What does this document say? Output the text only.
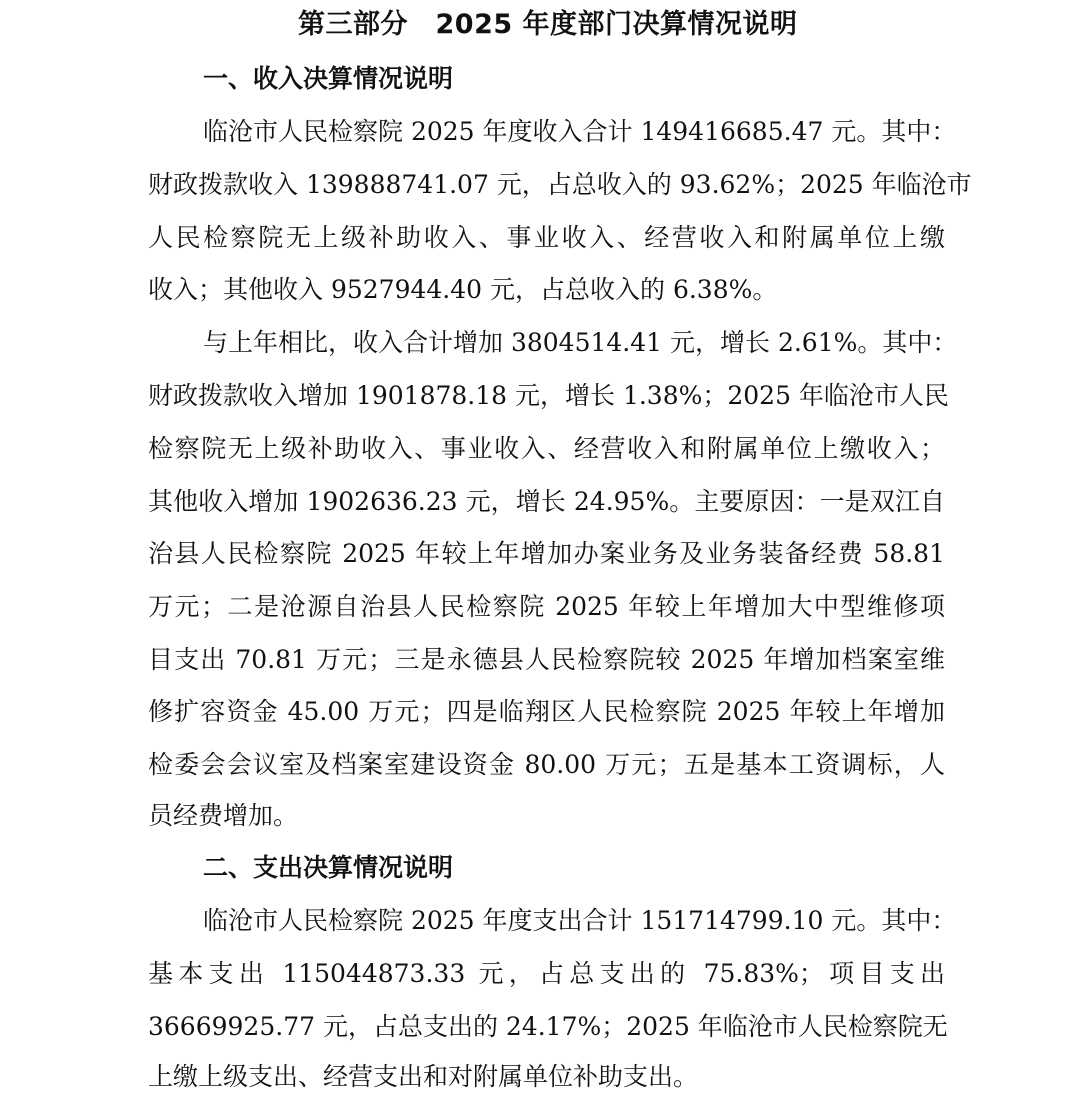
第三部分　2025 年度部门决算情况说明
一、收入决算情况说明
临沧市人民检察院 2025 年度收入合计 149416685.47 元。其中：
财政拨款收入 139888741.07 元，占总收入的 93.62%；2025 年临沧市
人民检察院无上级补助收入、事业收入、经营收入和附属单位上缴
收入；其他收入 9527944.40 元，占总收入的 6.38%。
与上年相比，收入合计增加 3804514.41 元，增长 2.61%。其中：
财政拨款收入增加 1901878.18 元，增长 1.38%；2025 年临沧市人民
检察院无上级补助收入、事业收入、经营收入和附属单位上缴收入；
其他收入增加 1902636.23 元，增长 24.95%。主要原因：一是双江自
治县人民检察院 2025 年较上年增加办案业务及业务装备经费 58.81
万元；二是沧源自治县人民检察院 2025 年较上年增加大中型维修项
目支出 70.81 万元；三是永德县人民检察院较 2025 年增加档案室维
修扩容资金 45.00 万元；四是临翔区人民检察院 2025 年较上年增加
检委会会议室及档案室建设资金 80.00 万元；五是基本工资调标，人
员经费增加。
二、支出决算情况说明
临沧市人民检察院 2025 年度支出合计 151714799.10 元。其中：
基本支出 115044873.33 元，占总支出的 75.83%；项目支出
36669925.77 元，占总支出的 24.17%；2025 年临沧市人民检察院无
上缴上级支出、经营支出和对附属单位补助支出。
